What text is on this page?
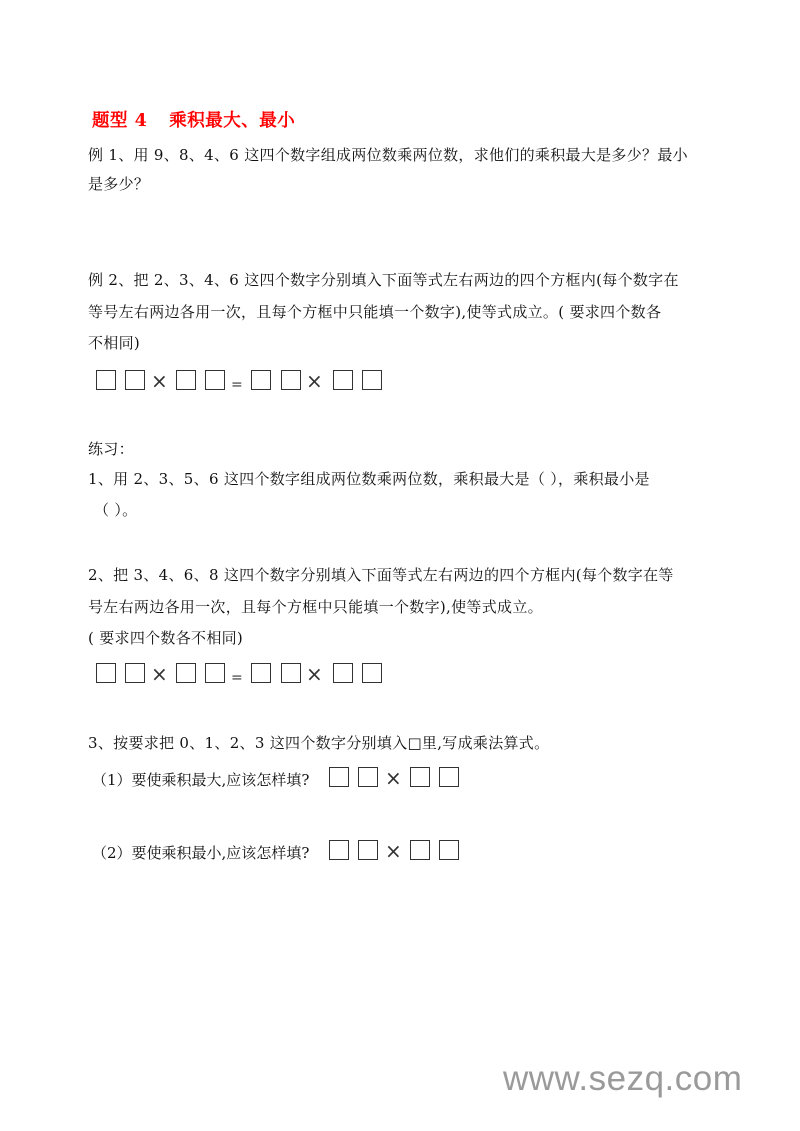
题型 4 乘积最大、最小
例 1、用 9、8、4、6 这四个数字组成两位数乘两位数，求他们的乘积最大是多少？最小
是多少？
例 2、把 2、3、4、6 这四个数字分别填入下面等式左右两边的四个方框内(每个数字在
等号左右两边各用一次，且每个方框中只能填一个数字),使等式成立。( 要求四个数各
不相同)
×	=	×
练习：
1、用 2、3、5、6 这四个数字组成两位数乘两位数，乘积最大是（ ），乘积最小是
（ ）。
2、把 3、4、6、8 这四个数字分别填入下面等式左右两边的四个方框内(每个数字在等
号左右两边各用一次，且每个方框中只能填一个数字),使等式成立。
( 要求四个数各不相同)
×	=	×
3、按要求把 0、1、2、3 这四个数字分别填入□里,写成乘法算式。
（1）要使乘积最大,应该怎样填?	×
（2）要使乘积最小,应该怎样填?	×
www.sezq.com
